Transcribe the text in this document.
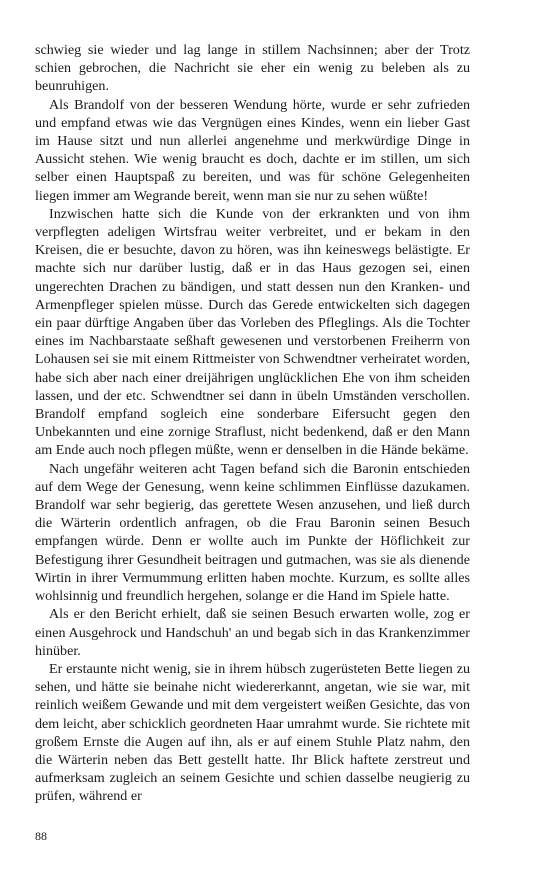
schwieg sie wieder und lag lange in stillem Nachsinnen; aber der Trotz schien gebrochen, die Nachricht sie eher ein wenig zu beleben als zu beunruhigen.

Als Brandolf von der besseren Wendung hörte, wurde er sehr zufrieden und empfand etwas wie das Vergnügen eines Kindes, wenn ein lieber Gast im Hause sitzt und nun allerlei angenehme und merkwürdige Dinge in Aussicht stehen. Wie wenig braucht es doch, dachte er im stillen, um sich selber einen Hauptspaß zu bereiten, und was für schöne Gelegenheiten liegen immer am Wegrande bereit, wenn man sie nur zu sehen wüßte!

Inzwischen hatte sich die Kunde von der erkrankten und von ihm verpflegten adeligen Wirtsfrau weiter verbreitet, und er bekam in den Kreisen, die er besuchte, davon zu hören, was ihn keineswegs belästigte. Er machte sich nur darüber lustig, daß er in das Haus gezogen sei, einen ungerechten Drachen zu bändigen, und statt dessen nun den Kranken- und Armenpfleger spielen müsse. Durch das Gerede entwickelten sich dagegen ein paar dürftige Angaben über das Vorleben des Pfleglings. Als die Tochter eines im Nachbarstaate seßhaft gewesenen und verstorbenen Freiherrn von Lohausen sei sie mit einem Rittmeister von Schwendtner verheiratet worden, habe sich aber nach einer dreijährigen unglücklichen Ehe von ihm scheiden lassen, und der etc. Schwendtner sei dann in übeln Umständen verschollen. Brandolf empfand sogleich eine sonderbare Eifersucht gegen den Unbekannten und eine zornige Straflust, nicht bedenkend, daß er den Mann am Ende auch noch pflegen müßte, wenn er denselben in die Hände bekäme.

Nach ungefähr weiteren acht Tagen befand sich die Baronin entschieden auf dem Wege der Genesung, wenn keine schlimmen Einflüsse dazukamen. Brandolf war sehr begierig, das gerettete Wesen anzusehen, und ließ durch die Wärterin ordentlich anfragen, ob die Frau Baronin seinen Besuch empfangen würde. Denn er wollte auch im Punkte der Höflichkeit zur Befestigung ihrer Gesundheit beitragen und gutmachen, was sie als dienende Wirtin in ihrer Vermummung erlitten haben mochte. Kurzum, es sollte alles wohlsinnig und freundlich hergehen, solange er die Hand im Spiele hatte.

Als er den Bericht erhielt, daß sie seinen Besuch erwarten wolle, zog er einen Ausgehrock und Handschuh' an und begab sich in das Krankenzimmer hinüber.

Er erstaunte nicht wenig, sie in ihrem hübsch zugerüsteten Bette liegen zu sehen, und hätte sie beinahe nicht wiedererkannt, angetan, wie sie war, mit reinlich weißem Gewande und mit dem vergeistert weißen Gesichte, das von dem leicht, aber schicklich geordneten Haar umrahmt wurde. Sie richtete mit großem Ernste die Augen auf ihn, als er auf einem Stuhle Platz nahm, den die Wärterin neben das Bett gestellt hatte. Ihr Blick haftete zerstreut und aufmerksam zugleich an seinem Gesichte und schien dasselbe neugierig zu prüfen, während er

88
